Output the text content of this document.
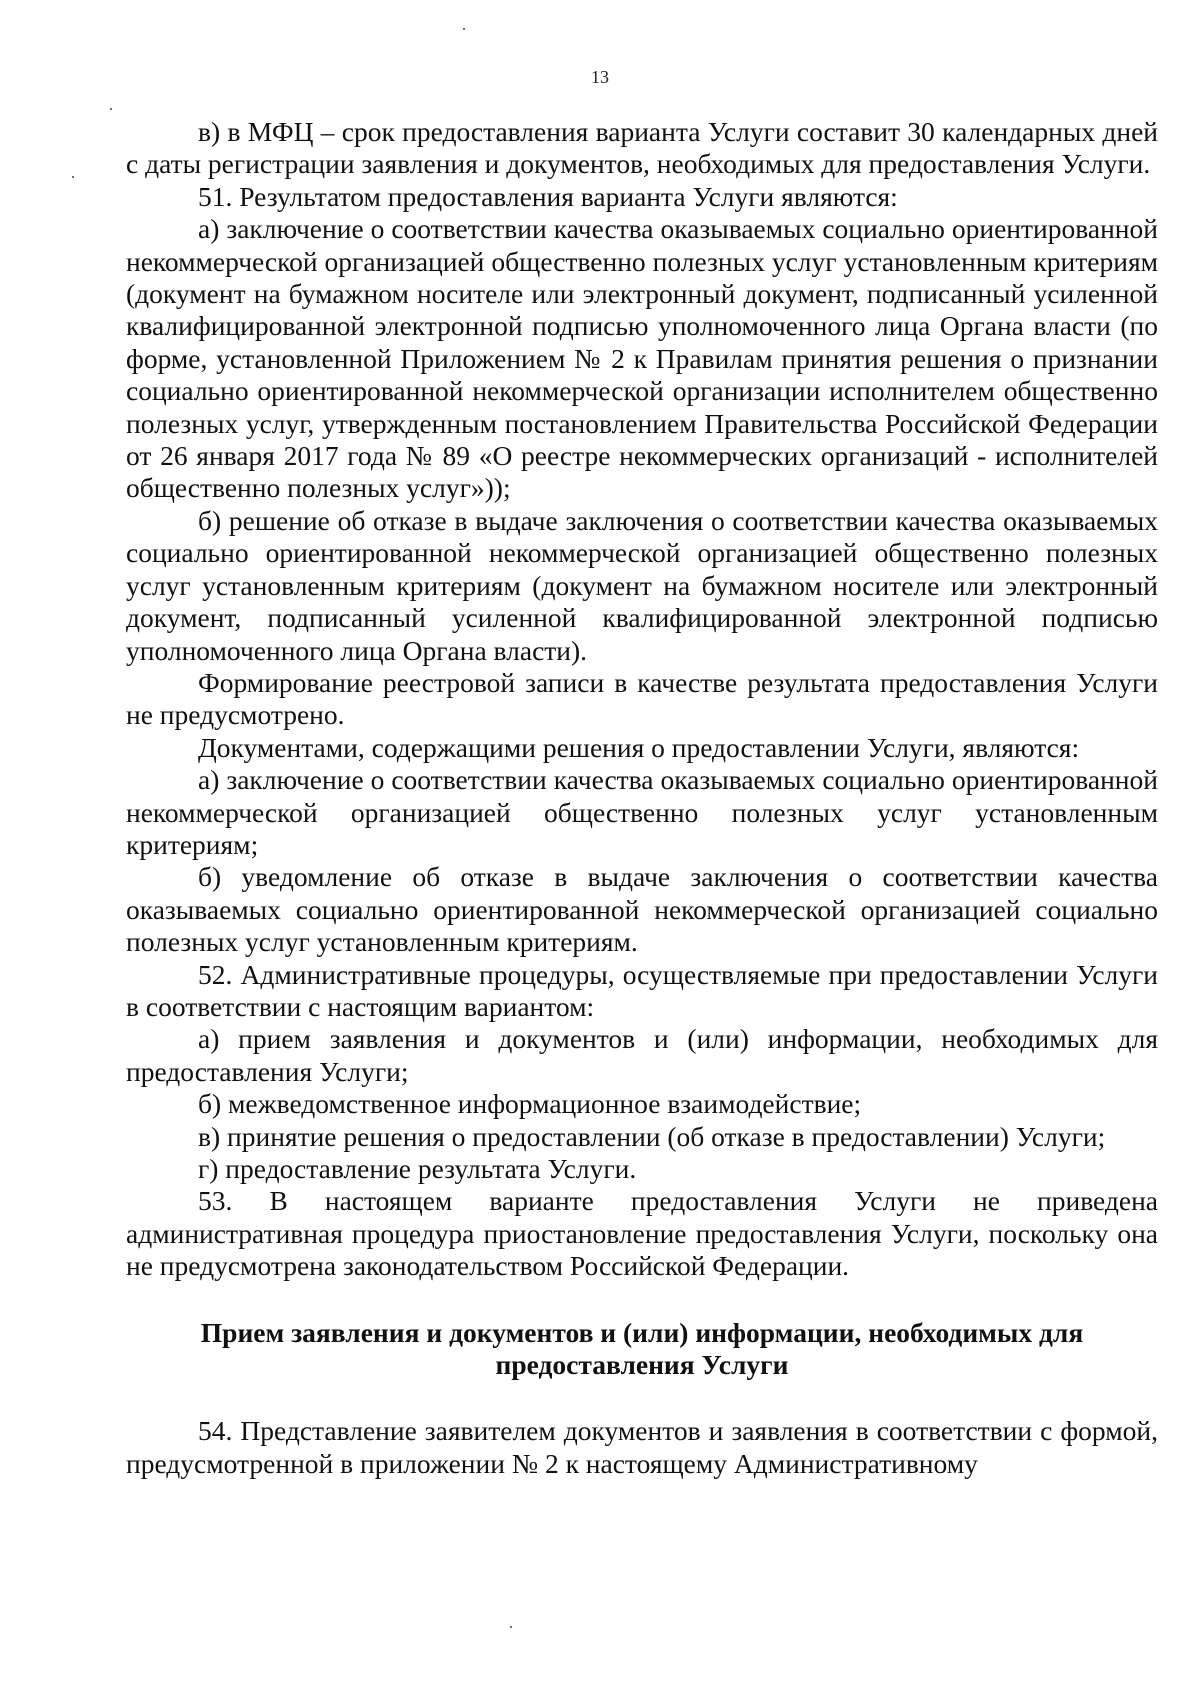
13

в) в МФЦ – срок предоставления варианта Услуги составит 30 календарных дней с даты регистрации заявления и документов, необходимых для предоставления Услуги.

51. Результатом предоставления варианта Услуги являются:

а) заключение о соответствии качества оказываемых социально ориентированной некоммерческой организацией общественно полезных услуг установленным критериям (документ на бумажном носителе или электронный документ, подписанный усиленной квалифицированной электронной подписью уполномоченного лица Органа власти (по форме, установленной Приложением № 2 к Правилам принятия решения о признании социально ориентированной некоммерческой организации исполнителем общественно полезных услуг, утвержденным постановлением Правительства Российской Федерации от 26 января 2017 года № 89 «О реестре некоммерческих организаций - исполнителей общественно полезных услуг»));

б) решение об отказе в выдаче заключения о соответствии качества оказываемых социально ориентированной некоммерческой организацией общественно полезных услуг установленным критериям (документ на бумажном носителе или электронный документ, подписанный усиленной квалифицированной электронной подписью уполномоченного лица Органа власти).

Формирование реестровой записи в качестве результата предоставления Услуги не предусмотрено.

Документами, содержащими решения о предоставлении Услуги, являются:

а) заключение о соответствии качества оказываемых социально ориентированной некоммерческой организацией общественно полезных услуг установленным критериям;

б) уведомление об отказе в выдаче заключения о соответствии качества оказываемых социально ориентированной некоммерческой организацией социально полезных услуг установленным критериям.

52. Административные процедуры, осуществляемые при предоставлении Услуги в соответствии с настоящим вариантом:

а) прием заявления и документов и (или) информации, необходимых для предоставления Услуги;

б) межведомственное информационное взаимодействие;

в) принятие решения о предоставлении (об отказе в предоставлении) Услуги;

г) предоставление результата Услуги.

53. В настоящем варианте предоставления Услуги не приведена административная процедура приостановление предоставления Услуги, поскольку она не предусмотрена законодательством Российской Федерации.

Прием заявления и документов и (или) информации, необходимых для
предоставления Услуги

54. Представление заявителем документов и заявления в соответствии с формой, предусмотренной в приложении № 2 к настоящему Административному
